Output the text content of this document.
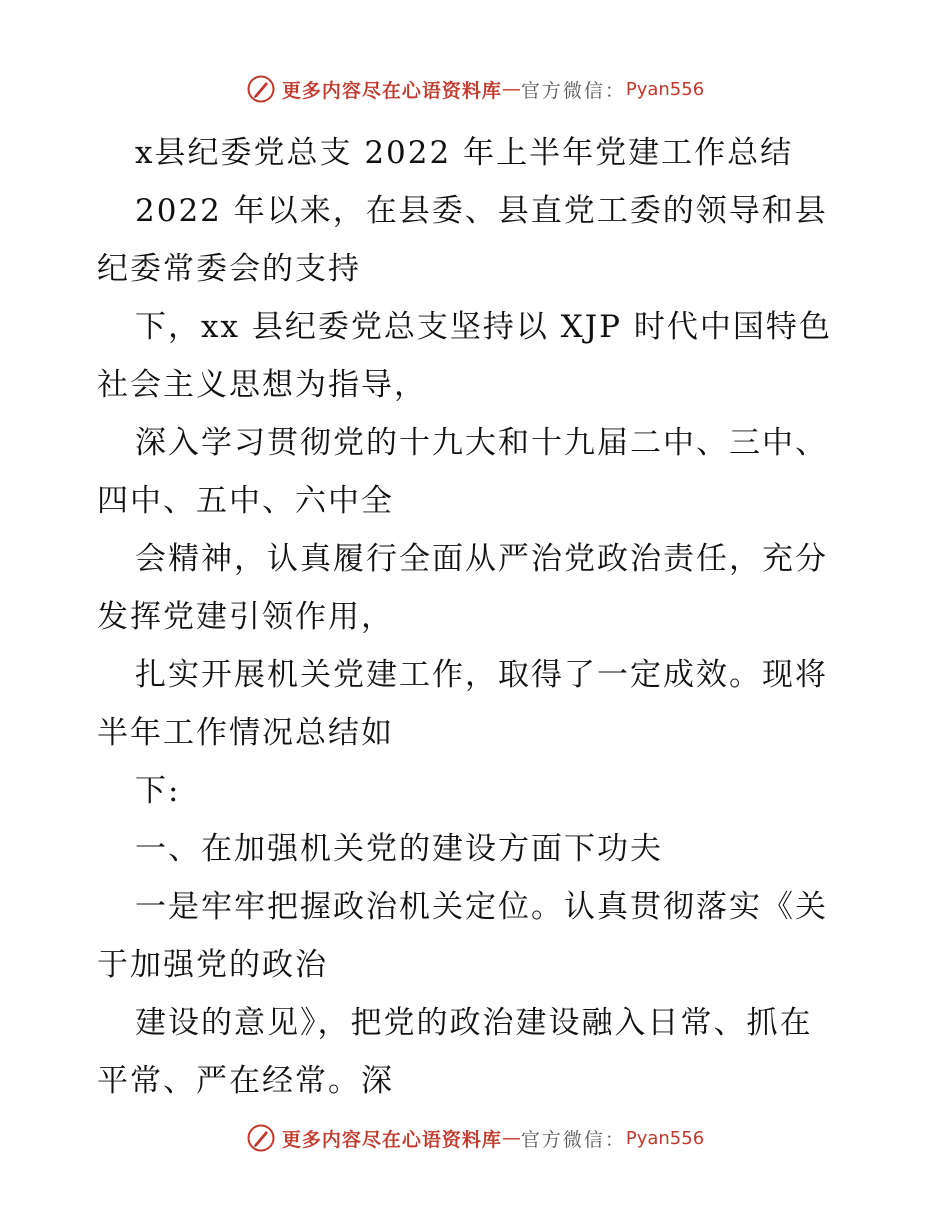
更多内容尽在心语资料库 — 官方微信： Pyan556
x县纪委党总支 2022 年上半年党建工作总结
2022 年以来，在县委、县直党工委的领导和县
纪委常委会的支持
下，xx 县纪委党总支坚持以 XJP 时代中国特色
社会主义思想为指导，
深入学习贯彻党的十九大和十九届二中、三中、
四中、五中、六中全
会精神，认真履行全面从严治党政治责任，充分
发挥党建引领作用，
扎实开展机关党建工作，取得了一定成效。现将
半年工作情况总结如
下:
一、在加强机关党的建设方面下功夫
一是牢牢把握政治机关定位。认真贯彻落实《关
于加强党的政治
建设的意见》，把党的政治建设融入日常、抓在
平常、严在经常。深
更多内容尽在心语资料库 — 官方微信： Pyan556
